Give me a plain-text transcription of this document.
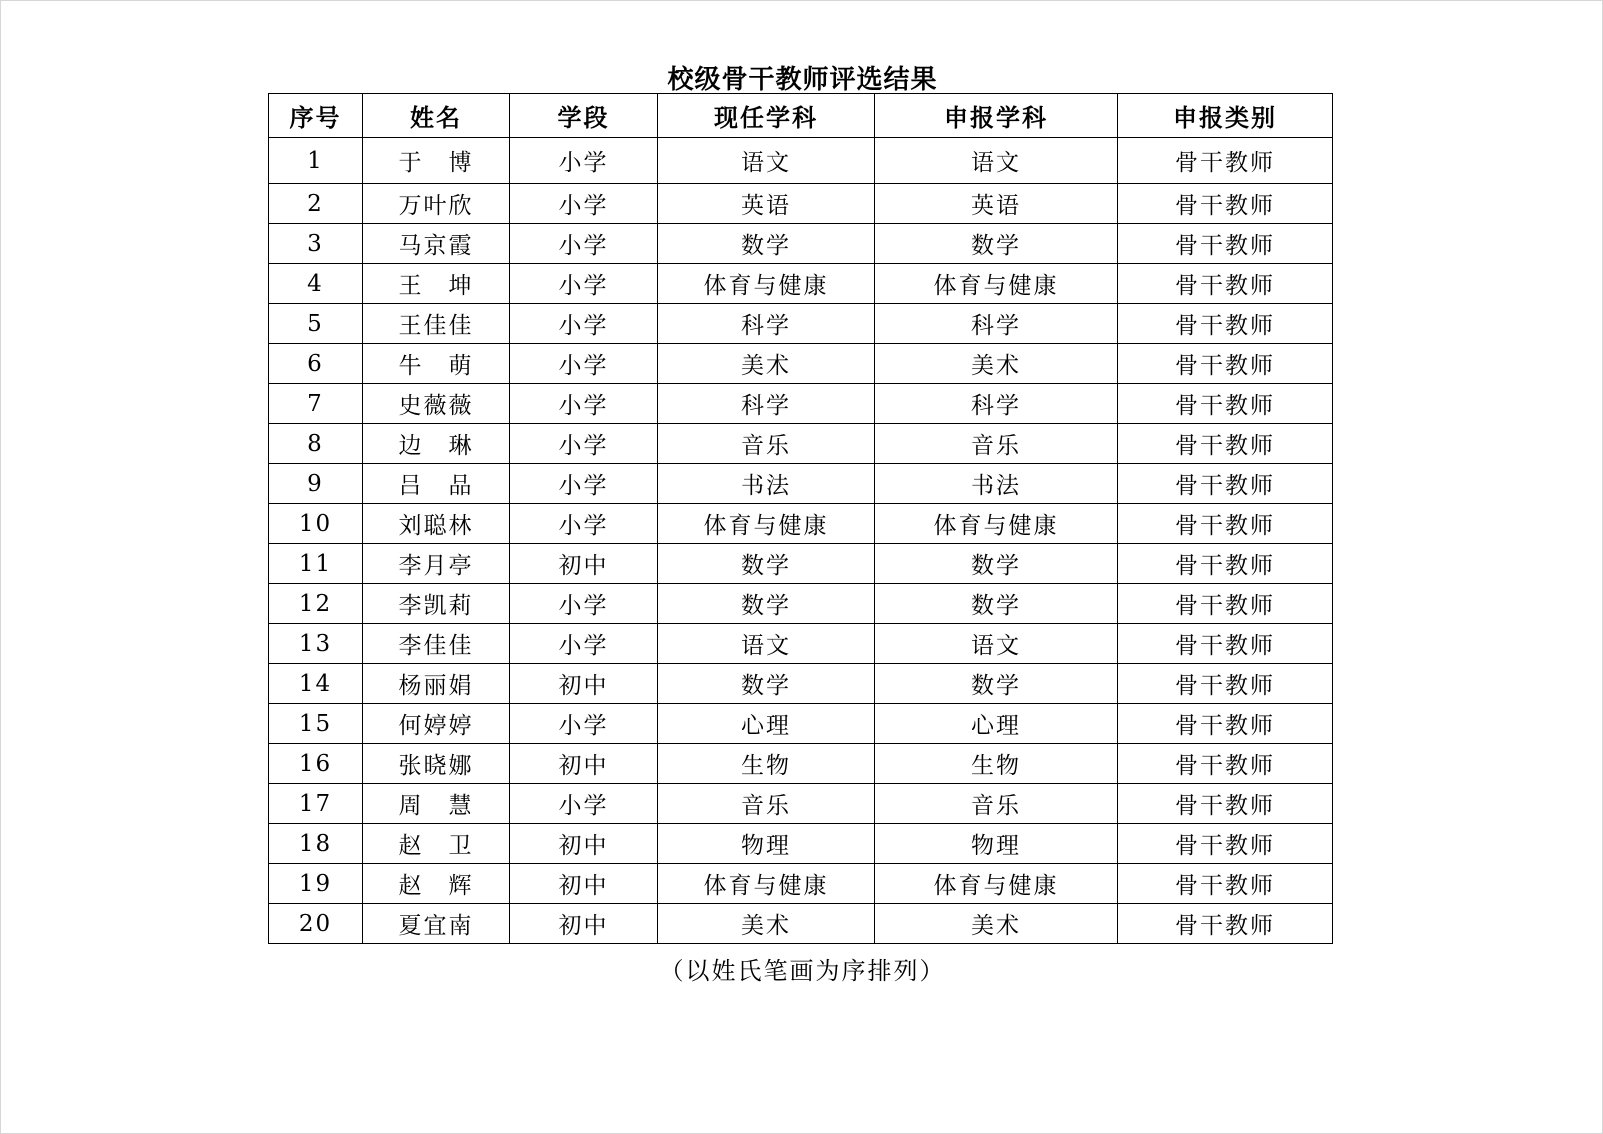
校级骨干教师评选结果
序号	姓名	学段	现任学科	申报学科	申报类别
1	于　博	小学	语文	语文	骨干教师
2	万叶欣	小学	英语	英语	骨干教师
3	马京霞	小学	数学	数学	骨干教师
4	王　坤	小学	体育与健康	体育与健康	骨干教师
5	王佳佳	小学	科学	科学	骨干教师
6	牛　萌	小学	美术	美术	骨干教师
7	史薇薇	小学	科学	科学	骨干教师
8	边　琳	小学	音乐	音乐	骨干教师
9	吕　品	小学	书法	书法	骨干教师
10	刘聪林	小学	体育与健康	体育与健康	骨干教师
11	李月亭	初中	数学	数学	骨干教师
12	李凯莉	小学	数学	数学	骨干教师
13	李佳佳	小学	语文	语文	骨干教师
14	杨丽娟	初中	数学	数学	骨干教师
15	何婷婷	小学	心理	心理	骨干教师
16	张晓娜	初中	生物	生物	骨干教师
17	周　慧	小学	音乐	音乐	骨干教师
18	赵　卫	初中	物理	物理	骨干教师
19	赵　辉	初中	体育与健康	体育与健康	骨干教师
20	夏宜南	初中	美术	美术	骨干教师
（以姓氏笔画为序排列）
